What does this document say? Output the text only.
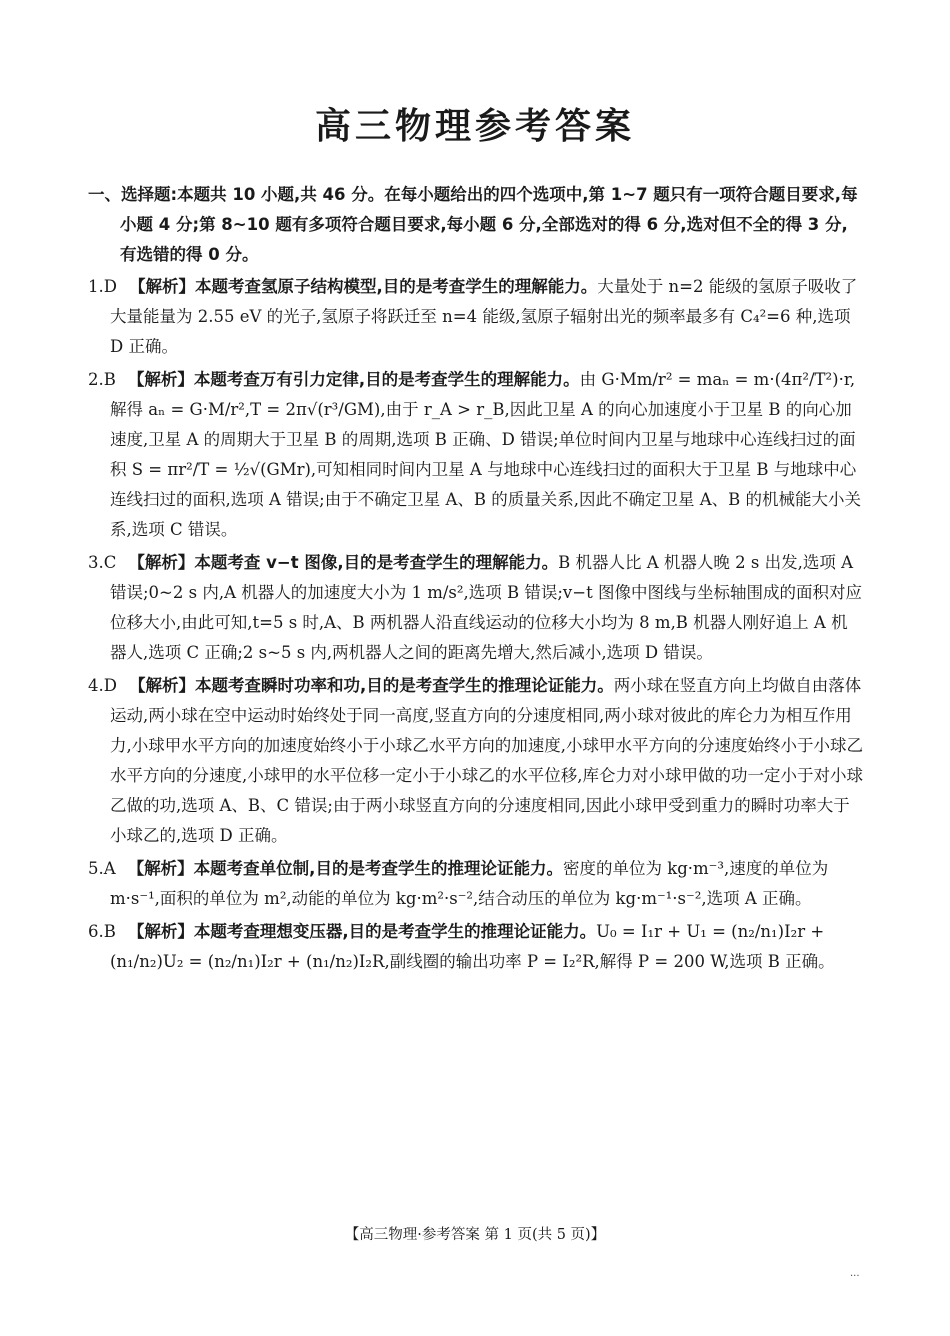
高三物理参考答案

一、选择题:本题共 10 小题,共 46 分。在每小题给出的四个选项中,第 1~7 题只有一项符合题目要求,每小题 4 分;第 8~10 题有多项符合题目要求,每小题 6 分,全部选对的得 6 分,选对但不全的得 3 分,有选错的得 0 分。

1.D 【解析】本题考查氢原子结构模型,目的是考查学生的理解能力。大量处于 n=2 能级的氢原子吸收了大量能量为 2.55 eV 的光子,氢原子将跃迁至 n=4 能级,氢原子辐射出光的频率最多有 C₄²=6 种,选项 D 正确。

2.B 【解析】本题考查万有引力定律,目的是考查学生的理解能力。由 G·Mm/r² = maₙ = m·(4π²/T²)·r,解得 aₙ = G·M/r²,T = 2π√(r³/GM),由于 r_A > r_B,因此卫星 A 的向心加速度小于卫星 B 的向心加速度,卫星 A 的周期大于卫星 B 的周期,选项 B 正确、D 错误;单位时间内卫星与地球中心连线扫过的面积 S = πr²/T = ½√(GMr),可知相同时间内卫星 A 与地球中心连线扫过的面积大于卫星 B 与地球中心连线扫过的面积,选项 A 错误;由于不确定卫星 A、B 的质量关系,因此不确定卫星 A、B 的机械能大小关系,选项 C 错误。

3.C 【解析】本题考查 v−t 图像,目的是考查学生的理解能力。B 机器人比 A 机器人晚 2 s 出发,选项 A 错误;0~2 s 内,A 机器人的加速度大小为 1 m/s²,选项 B 错误;v−t 图像中图线与坐标轴围成的面积对应位移大小,由此可知,t=5 s 时,A、B 两机器人沿直线运动的位移大小均为 8 m,B 机器人刚好追上 A 机器人,选项 C 正确;2 s~5 s 内,两机器人之间的距离先增大,然后减小,选项 D 错误。

4.D 【解析】本题考查瞬时功率和功,目的是考查学生的推理论证能力。两小球在竖直方向上均做自由落体运动,两小球在空中运动时始终处于同一高度,竖直方向的分速度相同,两小球对彼此的库仑力为相互作用力,小球甲水平方向的加速度始终小于小球乙水平方向的加速度,小球甲水平方向的分速度始终小于小球乙水平方向的分速度,小球甲的水平位移一定小于小球乙的水平位移,库仑力对小球甲做的功一定小于对小球乙做的功,选项 A、B、C 错误;由于两小球竖直方向的分速度相同,因此小球甲受到重力的瞬时功率大于小球乙的,选项 D 正确。

5.A 【解析】本题考查单位制,目的是考查学生的推理论证能力。密度的单位为 kg·m⁻³,速度的单位为 m·s⁻¹,面积的单位为 m²,动能的单位为 kg·m²·s⁻²,结合动压的单位为 kg·m⁻¹·s⁻²,选项 A 正确。

6.B 【解析】本题考查理想变压器,目的是考查学生的推理论证能力。U₀ = I₁r + U₁ = (n₂/n₁)I₂r + (n₁/n₂)U₂ = (n₂/n₁)I₂r + (n₁/n₂)I₂R,副线圈的输出功率 P = I₂²R,解得 P = 200 W,选项 B 正确。

【高三物理·参考答案 第 1 页(共 5 页)】

...
